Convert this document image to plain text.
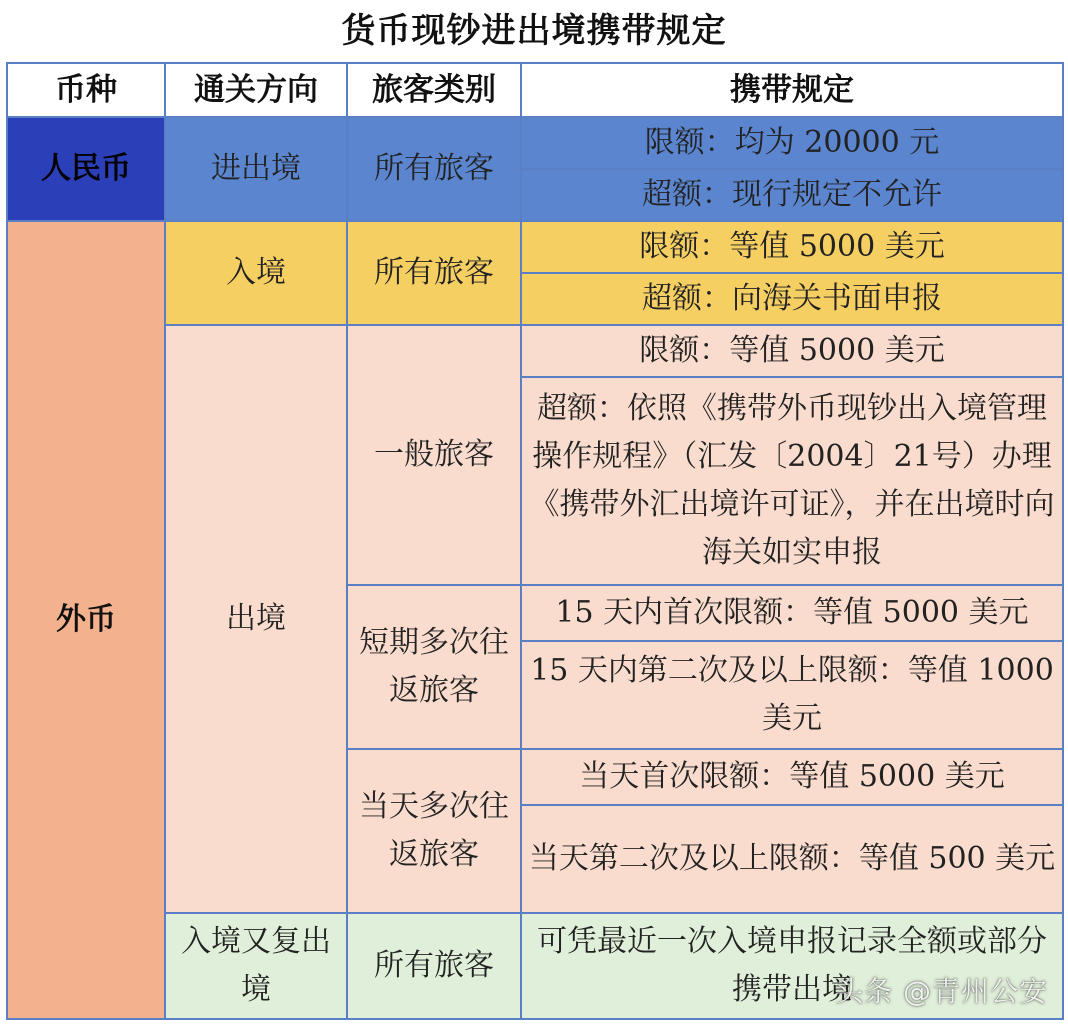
货币现钞进出境携带规定
币种	通关方向	旅客类别	携带规定
人民币	进出境	所有旅客	限额：均为 20000 元
			超额：现行规定不允许
外币	入境	所有旅客	限额：等值 5000 美元
			超额：向海关书面申报
	出境	一般旅客	限额：等值 5000 美元
			超额：依照《携带外币现钞出入境管理操作规程》（汇发〔2004〕21号）办理《携带外汇出境许可证》，并在出境时向海关如实申报
		短期多次往返旅客	15 天内首次限额：等值 5000 美元
			15 天内第二次及以上限额：等值 1000 美元
		当天多次往返旅客	当天首次限额：等值 5000 美元
			当天第二次及以上限额：等值 500 美元
	入境又复出境	所有旅客	可凭最近一次入境申报记录全额或部分携带出境

头条 @青州公安
